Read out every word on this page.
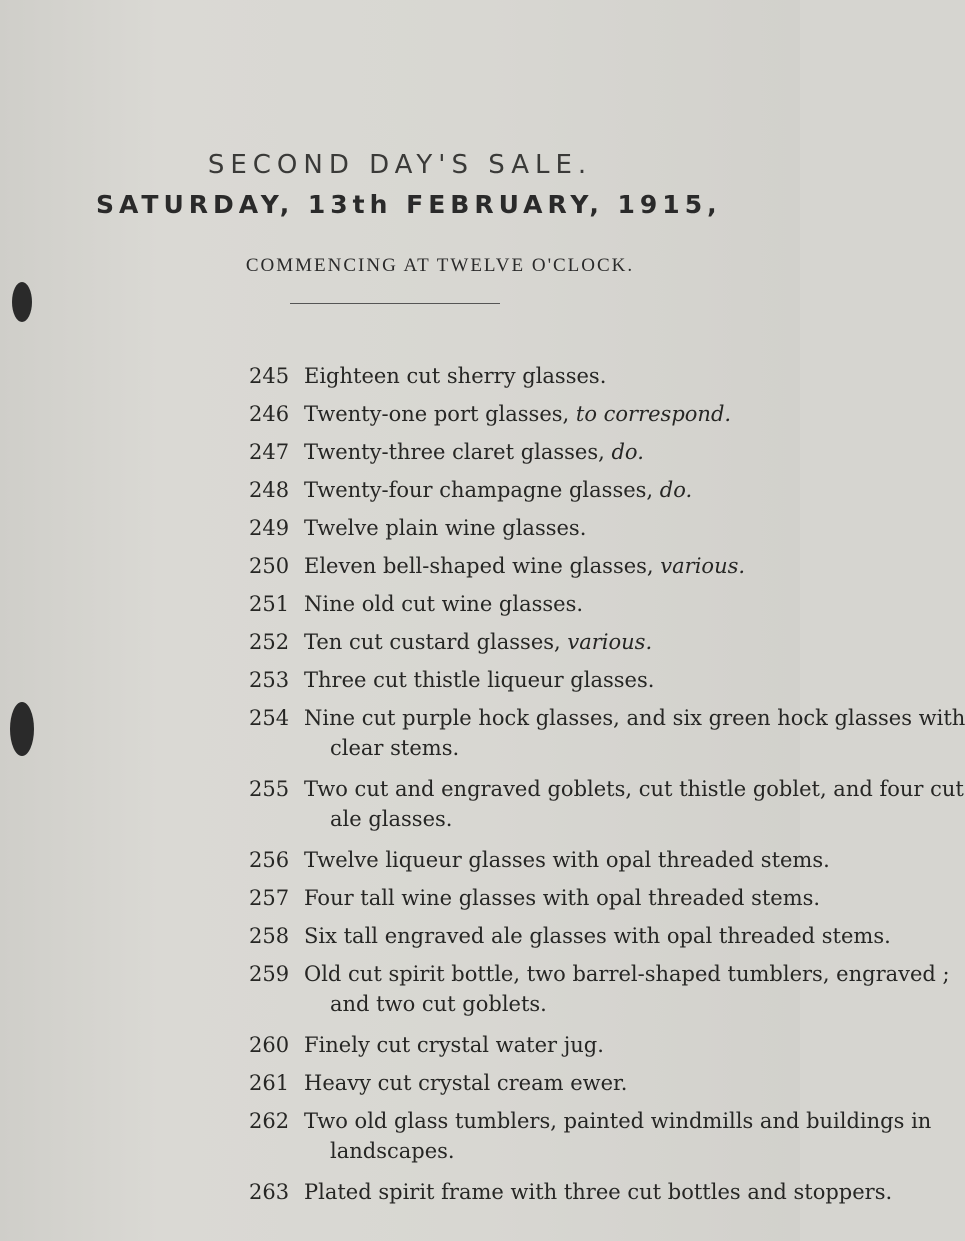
SECOND DAY'S SALE.
SATURDAY, 13th FEBRUARY, 1915,
COMMENCING AT TWELVE O'CLOCK.
245 Eighteen cut sherry glasses.
246 Twenty-one port glasses, to correspond.
247 Twenty-three claret glasses, do.
248 Twenty-four champagne glasses, do.
249 Twelve plain wine glasses.
250 Eleven bell-shaped wine glasses, various.
251 Nine old cut wine glasses.
252 Ten cut custard glasses, various.
253 Three cut thistle liqueur glasses.
254 Nine cut purple hock glasses, and six green hock glasses with
clear stems.
255 Two cut and engraved goblets, cut thistle goblet, and four cut
ale glasses.
256 Twelve liqueur glasses with opal threaded stems.
257 Four tall wine glasses with opal threaded stems.
258 Six tall engraved ale glasses with opal threaded stems.
259 Old cut spirit bottle, two barrel-shaped tumblers, engraved ;
and two cut goblets.
260 Finely cut crystal water jug.
261 Heavy cut crystal cream ewer.
262 Two old glass tumblers, painted windmills and buildings in
landscapes.
263 Plated spirit frame with three cut bottles and stoppers.
